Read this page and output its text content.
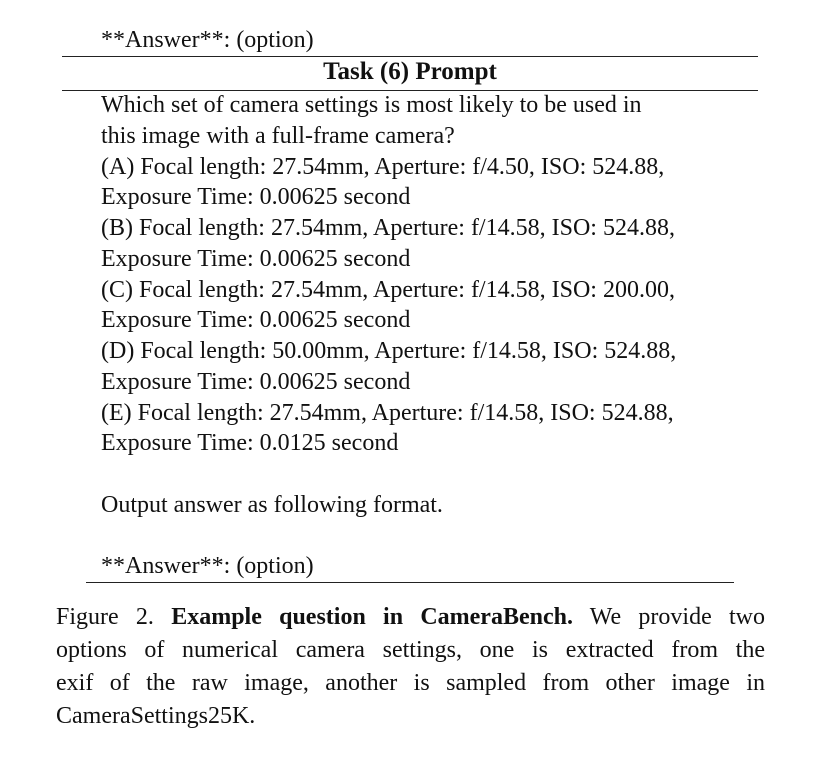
**Answer**: (option)
Task (6) Prompt
Which set of camera settings is most likely to be used in
this image with a full-frame camera?
(A) Focal length: 27.54mm, Aperture: f/4.50, ISO: 524.88,
Exposure Time: 0.00625 second
(B) Focal length: 27.54mm, Aperture: f/14.58, ISO: 524.88,
Exposure Time: 0.00625 second
(C) Focal length: 27.54mm, Aperture: f/14.58, ISO: 200.00,
Exposure Time: 0.00625 second
(D) Focal length: 50.00mm, Aperture: f/14.58, ISO: 524.88,
Exposure Time: 0.00625 second
(E) Focal length: 27.54mm, Aperture: f/14.58, ISO: 524.88,
Exposure Time: 0.0125 second
Output answer as following format.
**Answer**: (option)
Figure 2. Example question in CameraBench. We provide two
options of numerical camera settings, one is extracted from the
exif of the raw image, another is sampled from other image in
CameraSettings25K.
